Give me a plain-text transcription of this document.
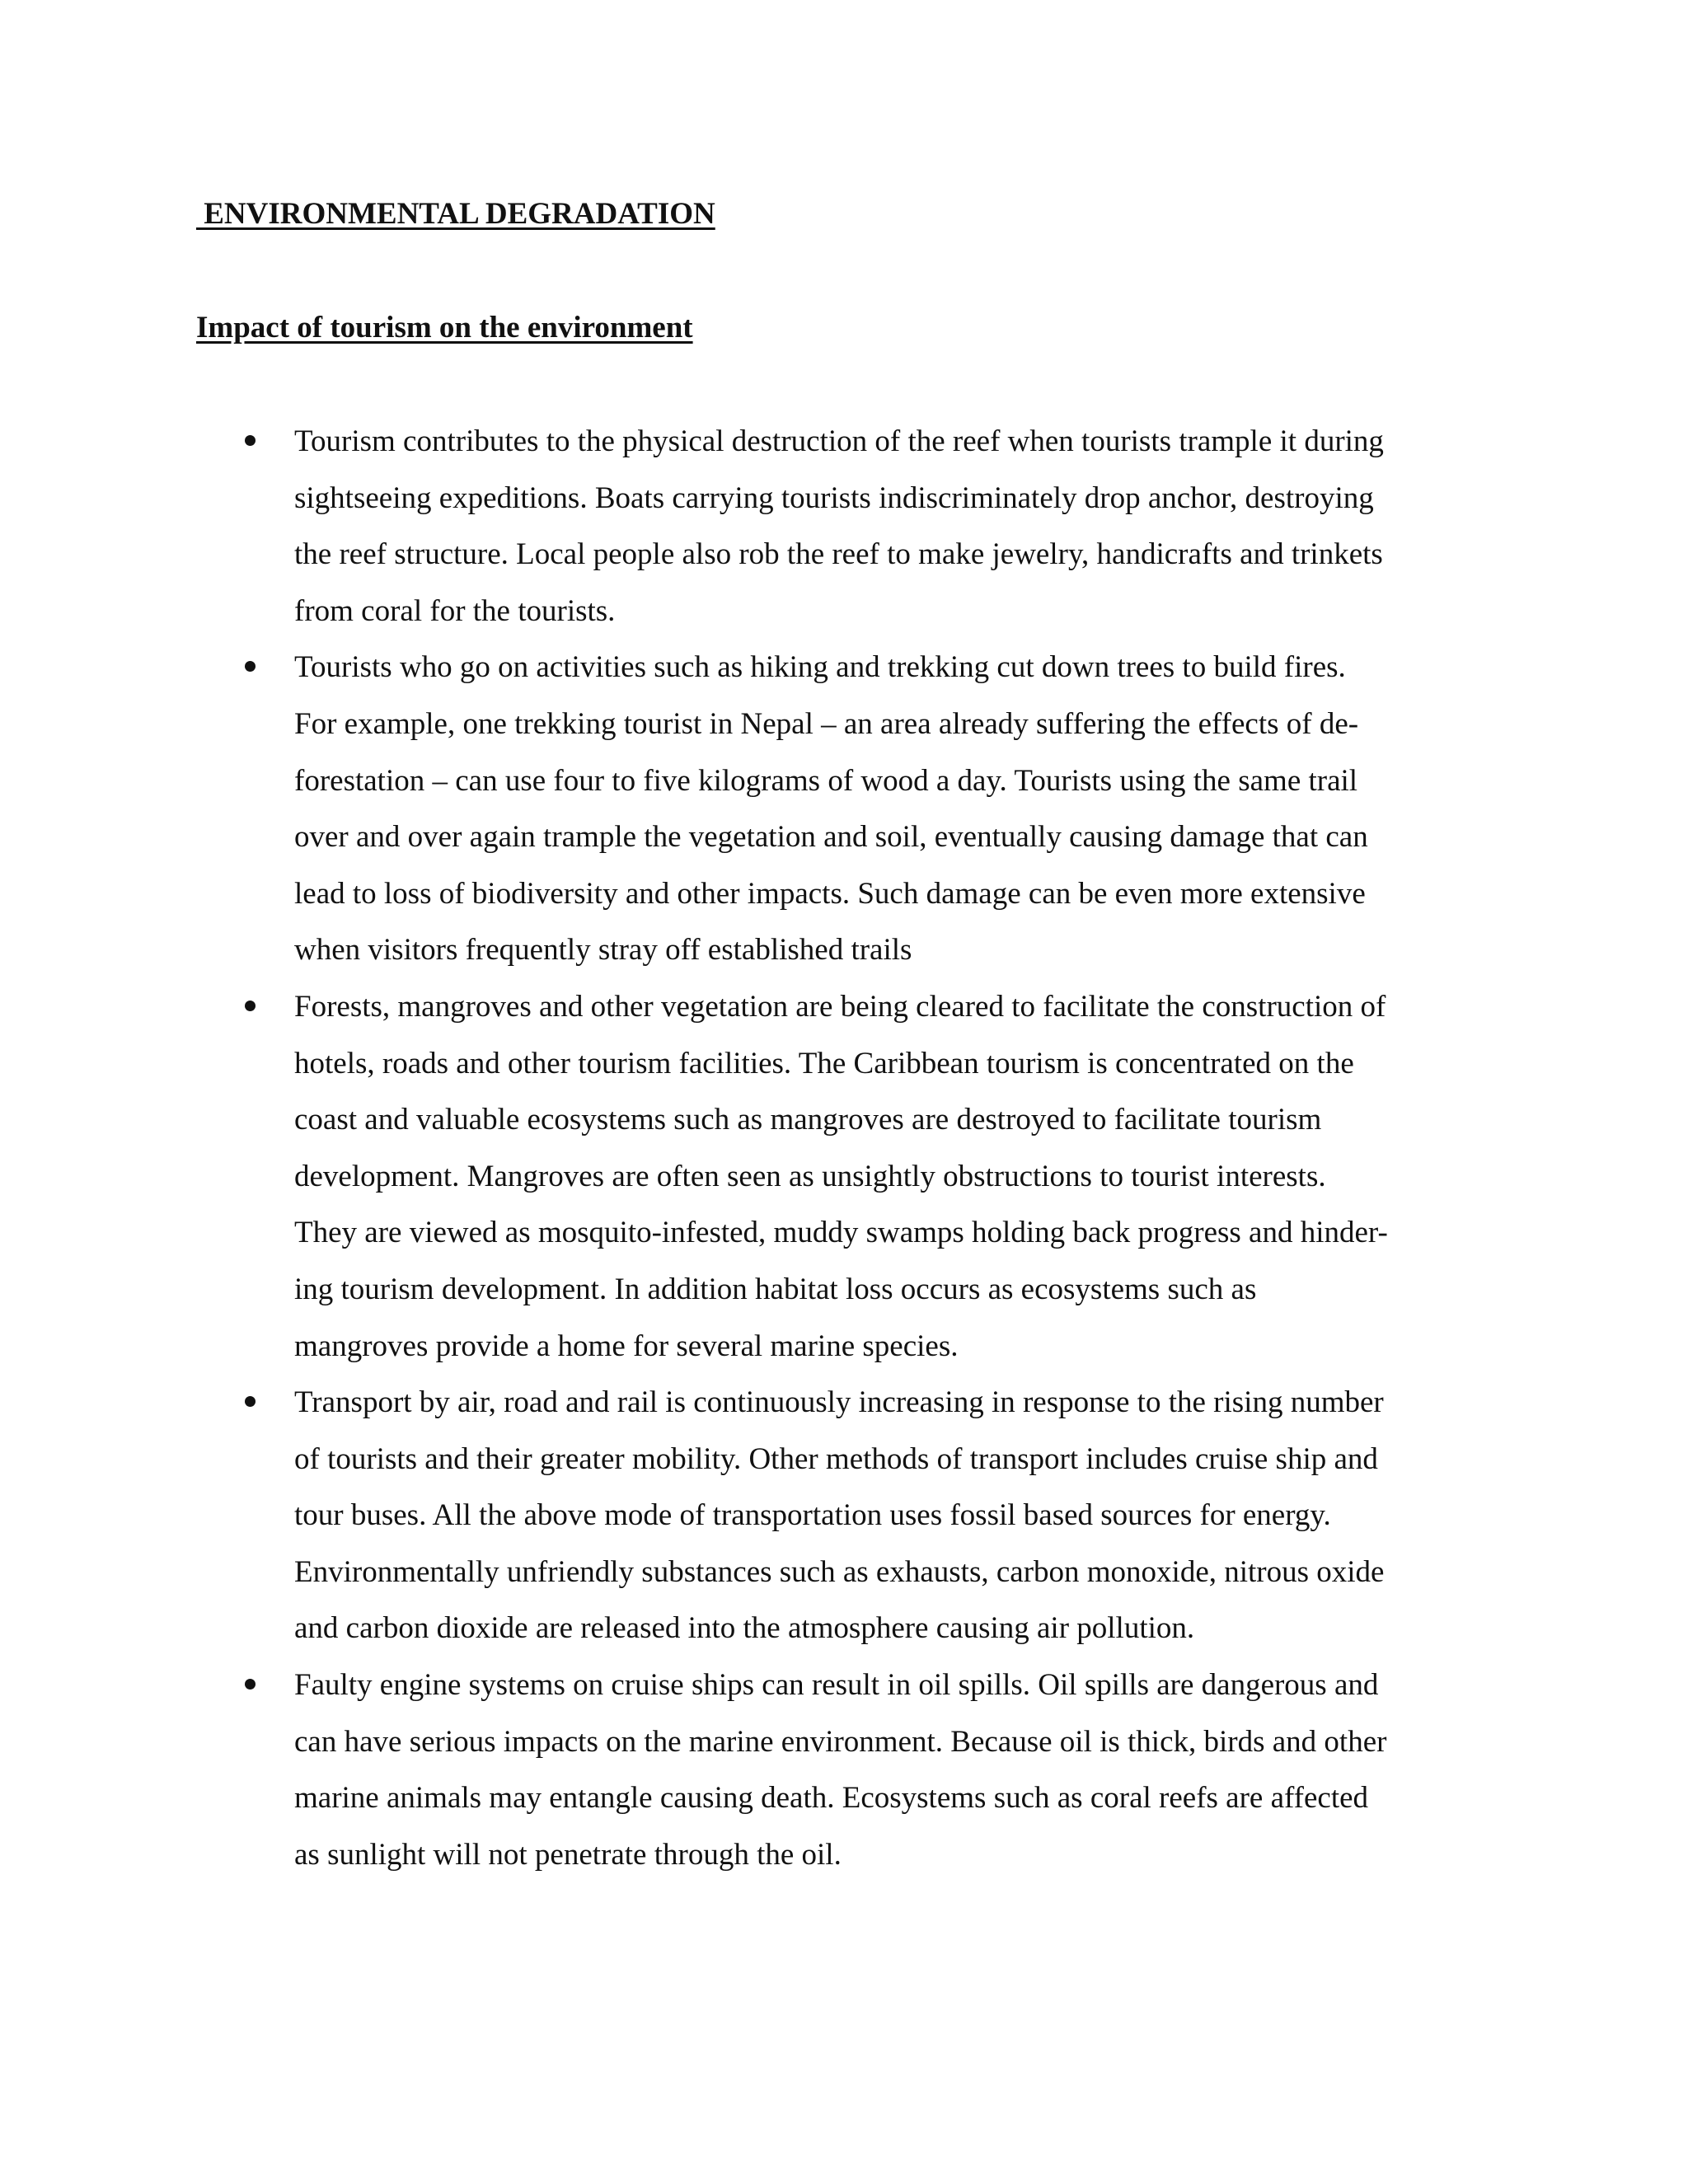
ENVIRONMENTAL DEGRADATION
Impact of tourism on the environment
Tourism contributes to the physical destruction of the reef when tourists trample it during
sightseeing expeditions. Boats carrying tourists indiscriminately drop anchor, destroying
the reef structure. Local people also rob the reef to make jewelry, handicrafts and trinkets
from coral for the tourists.
Tourists who go on activities such as hiking and trekking cut down trees to build fires.
For example, one trekking tourist in Nepal – an area already suffering the effects of de-
forestation – can use four to five kilograms of wood a day. Tourists using the same trail
over and over again trample the vegetation and soil, eventually causing damage that can
lead to loss of biodiversity and other impacts. Such damage can be even more extensive
when visitors frequently stray off established trails
Forests, mangroves and other vegetation are being cleared to facilitate the construction of
hotels, roads and other tourism facilities. The Caribbean tourism is concentrated on the
coast and valuable ecosystems such as mangroves are destroyed to facilitate tourism
development. Mangroves are often seen as unsightly obstructions to tourist interests.
They are viewed as mosquito-infested, muddy swamps holding back progress and hinder-
ing tourism development. In addition habitat loss occurs as ecosystems such as
mangroves provide a home for several marine species.
Transport by air, road and rail is continuously increasing in response to the rising number
of tourists and their greater mobility. Other methods of transport includes cruise ship and
tour buses. All the above mode of transportation uses fossil based sources for energy.
Environmentally unfriendly substances such as exhausts, carbon monoxide, nitrous oxide
and carbon dioxide are released into the atmosphere causing air pollution.
Faulty engine systems on cruise ships can result in oil spills. Oil spills are dangerous and
can have serious impacts on the marine environment. Because oil is thick, birds and other
marine animals may entangle causing death. Ecosystems such as coral reefs are affected
as sunlight will not penetrate through the oil.
